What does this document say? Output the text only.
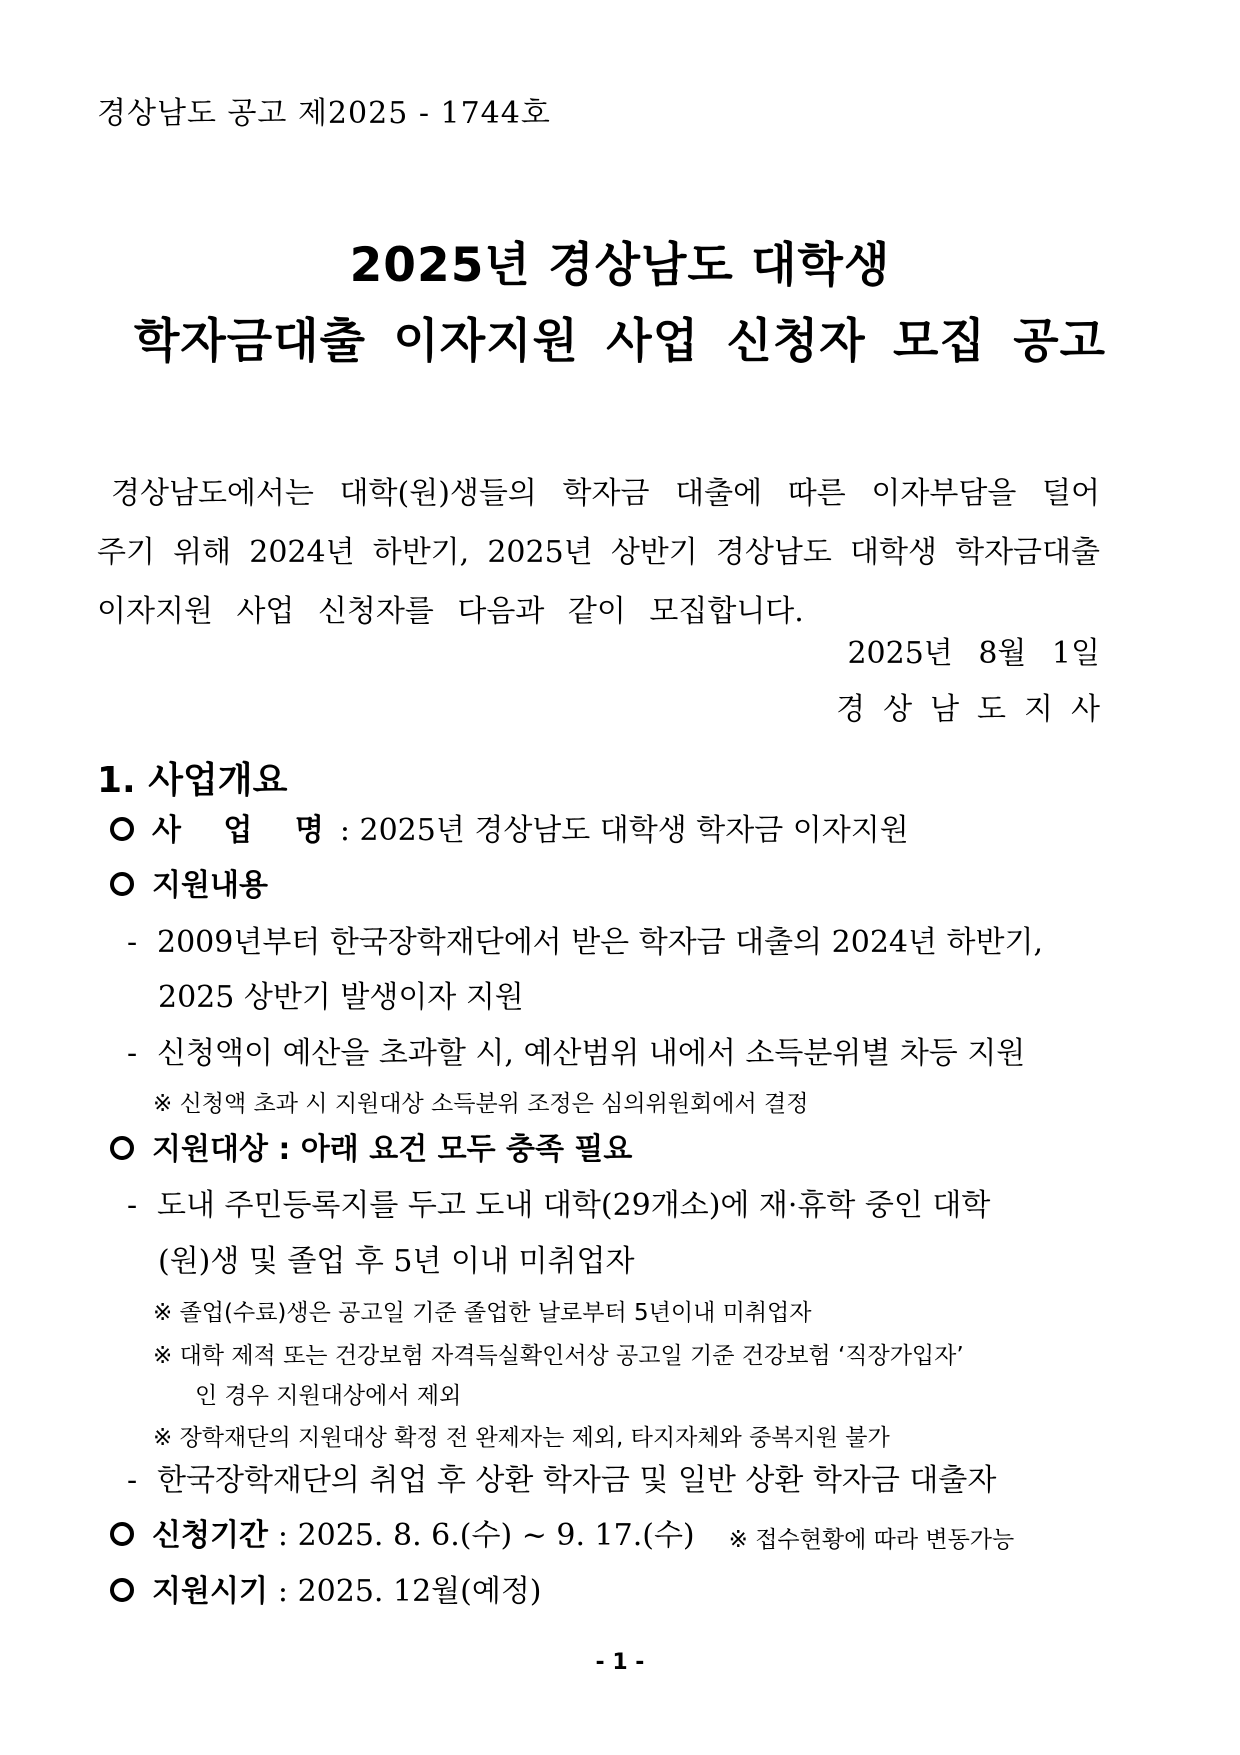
경상남도 공고 제2025 - 1744호
2025년 경상남도 대학생
학자금대출 이자지원 사업 신청자 모집 공고
경상남도에서는 대학(원)생들의 학자금 대출에 따른 이자부담을 덜어
주기 위해 2024년 하반기, 2025년 상반기 경상남도 대학생 학자금대출
이자지원 사업 신청자를 다음과 같이 모집합니다.
2025년 8월 1일
경상남도지사
1. 사업개요
사 업 명: 2025년 경상남도 대학생 학자금 이자지원
지원내용
- 2009년부터 한국장학재단에서 받은 학자금 대출의 2024년 하반기,
2025 상반기 발생이자 지원
- 신청액이 예산을 초과할 시, 예산범위 내에서 소득분위별 차등 지원
※ 신청액 초과 시 지원대상 소득분위 조정은 심의위원회에서 결정
지원대상 : 아래 요건 모두 충족 필요
- 도내 주민등록지를 두고 도내 대학(29개소)에 재·휴학 중인 대학
(원)생 및 졸업 후 5년 이내 미취업자
※ 졸업(수료)생은 공고일 기준 졸업한 날로부터 5년이내 미취업자
※ 대학 제적 또는 건강보험 자격득실확인서상 공고일 기준 건강보험 ‘직장가입자’
인 경우 지원대상에서 제외
※ 장학재단의 지원대상 확정 전 완제자는 제외, 타지자체와 중복지원 불가
- 한국장학재단의 취업 후 상환 학자금 및 일반 상환 학자금 대출자
신청기간 : 2025. 8. 6.(수) ~ 9. 17.(수) ※ 접수현황에 따라 변동가능
지원시기 : 2025. 12월(예정)
- 1 -
